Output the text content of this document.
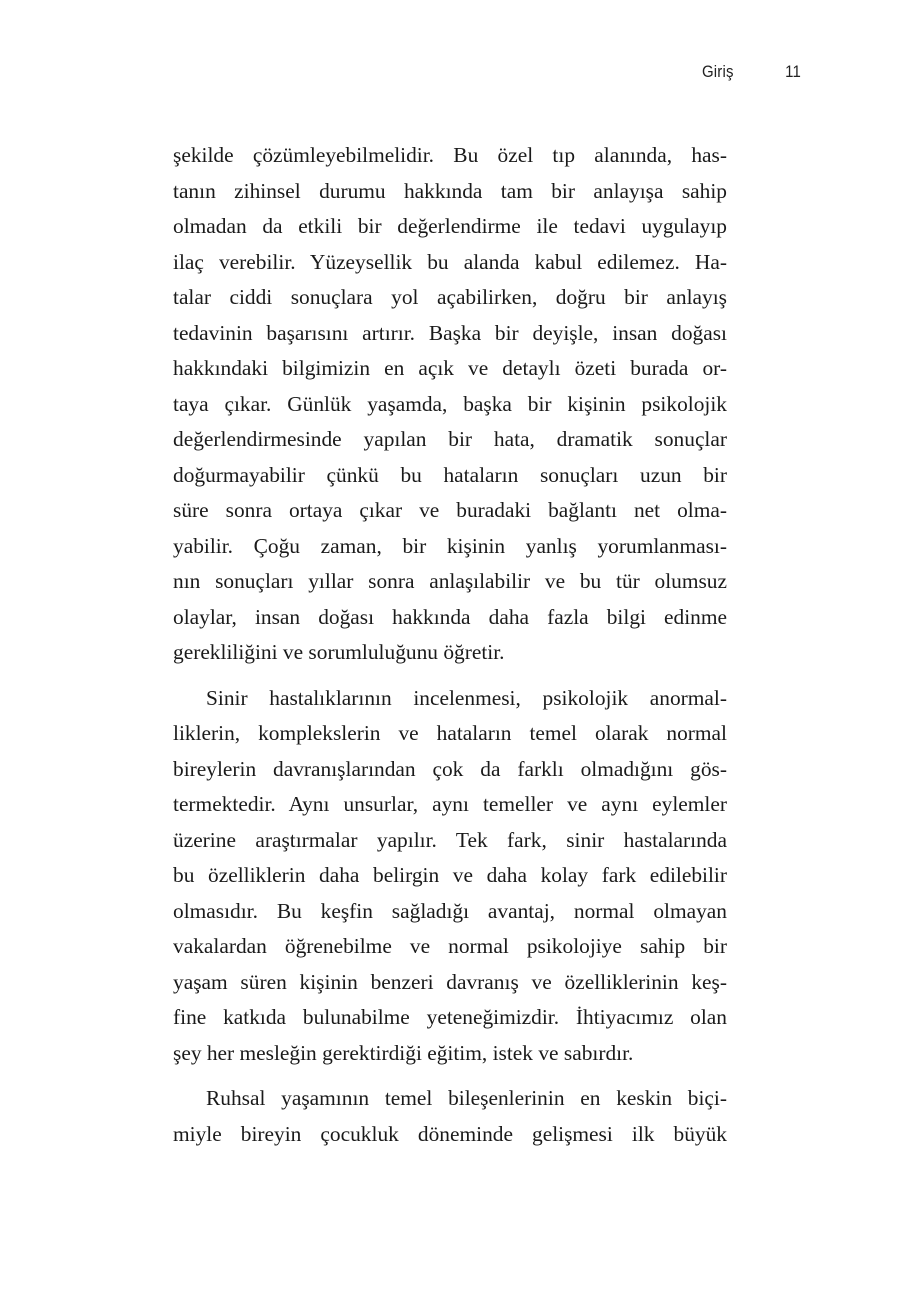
Giriş	11

şekilde çözümleyebilmelidir. Bu özel tıp alanında, has-
tanın zihinsel durumu hakkında tam bir anlayışa sahip
olmadan da etkili bir değerlendirme ile tedavi uygulayıp
ilaç verebilir. Yüzeysellik bu alanda kabul edilemez. Ha-
talar ciddi sonuçlara yol açabilirken, doğru bir anlayış
tedavinin başarısını artırır. Başka bir deyişle, insan doğası
hakkındaki bilgimizin en açık ve detaylı özeti burada or-
taya çıkar. Günlük yaşamda, başka bir kişinin psikolojik
değerlendirmesinde yapılan bir hata, dramatik sonuçlar
doğurmayabilir çünkü bu hataların sonuçları uzun bir
süre sonra ortaya çıkar ve buradaki bağlantı net olma-
yabilir. Çoğu zaman, bir kişinin yanlış yorumlanması-
nın sonuçları yıllar sonra anlaşılabilir ve bu tür olumsuz
olaylar, insan doğası hakkında daha fazla bilgi edinme
gerekliliğini ve sorumluluğunu öğretir.

Sinir hastalıklarının incelenmesi, psikolojik anormal-
liklerin, komplekslerin ve hataların temel olarak normal
bireylerin davranışlarından çok da farklı olmadığını gös-
termektedir. Aynı unsurlar, aynı temeller ve aynı eylemler
üzerine araştırmalar yapılır. Tek fark, sinir hastalarında
bu özelliklerin daha belirgin ve daha kolay fark edilebilir
olmasıdır. Bu keşfin sağladığı avantaj, normal olmayan
vakalardan öğrenebilme ve normal psikolojiye sahip bir
yaşam süren kişinin benzeri davranış ve özelliklerinin keş-
fine katkıda bulunabilme yeteneğimizdir. İhtiyacımız olan
şey her mesleğin gerektirdiği eğitim, istek ve sabırdır.

Ruhsal yaşamının temel bileşenlerinin en keskin biçi-
miyle bireyin çocukluk döneminde gelişmesi ilk büyük
